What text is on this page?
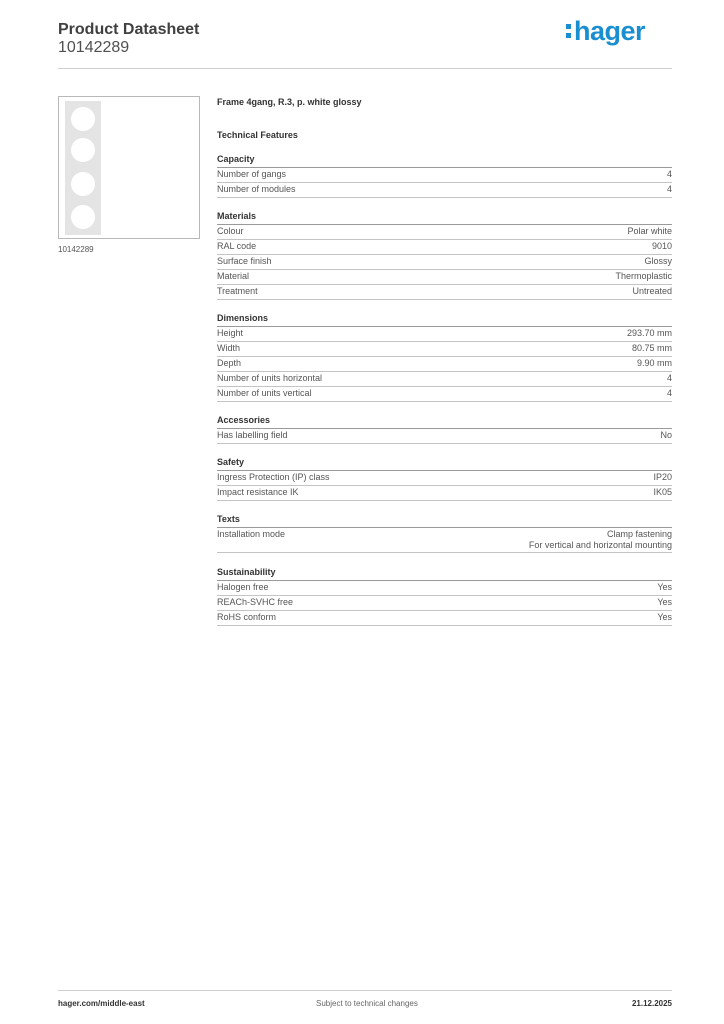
Product Datasheet
10142289
hager
10142289
Frame 4gang, R.3, p. white glossy
Technical Features
Capacity
Number of gangs	4
Number of modules	4
Materials
Colour	Polar white
RAL code	9010
Surface finish	Glossy
Material	Thermoplastic
Treatment	Untreated
Dimensions
Height	293.70 mm
Width	80.75 mm
Depth	9.90 mm
Number of units horizontal	4
Number of units vertical	4
Accessories
Has labelling field	No
Safety
Ingress Protection (IP) class	IP20
Impact resistance IK	IK05
Texts
Installation mode	Clamp fastening
For vertical and horizontal mounting
Sustainability
Halogen free	Yes
REACh-SVHC free	Yes
RoHS conform	Yes
hager.com/middle-east	Subject to technical changes	21.12.2025
